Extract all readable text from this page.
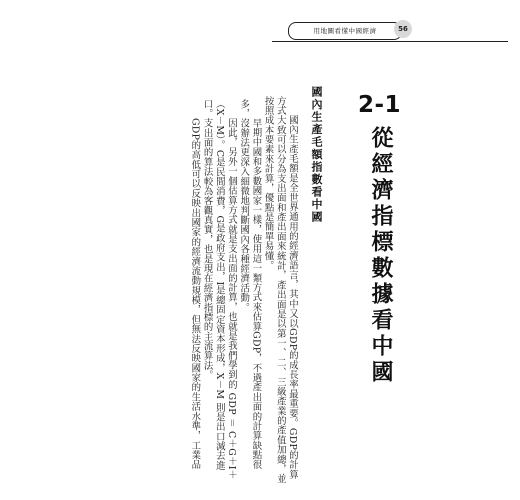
用地圖看懂中國經濟	56
2-1
從經濟指標數據看中國
國內生產毛額指數看中國

國內生產毛額是全世界通用的經濟語言，其中又以GDP的成長率最重要。GDP的計算方式大致可以分為支出面和產出面來統計，產出面是以第一、二、三級產業的產值加總，並按照成本要素來計算，優點是簡單易懂。

早期中國和多數國家一樣，使用這一類方式來估算GDP，不過產出面的計算缺點很多，沒辦法更深入細微地判斷國內各種經濟活動。

因此，另外一個估算方式就是支出面的計算，也就是我們學到的 GDP ＝ C＋G＋I＋（X－M）。C是民間消費，G是政府支出，I是總固定資本形成，X－M 則是出口減去進口。支出面的算法較為客觀真實，也是現在經濟指標的主流算法。

GDP的高低可以反映出國家的經濟流動規模，但無法反映國家的生活水準，工業品
